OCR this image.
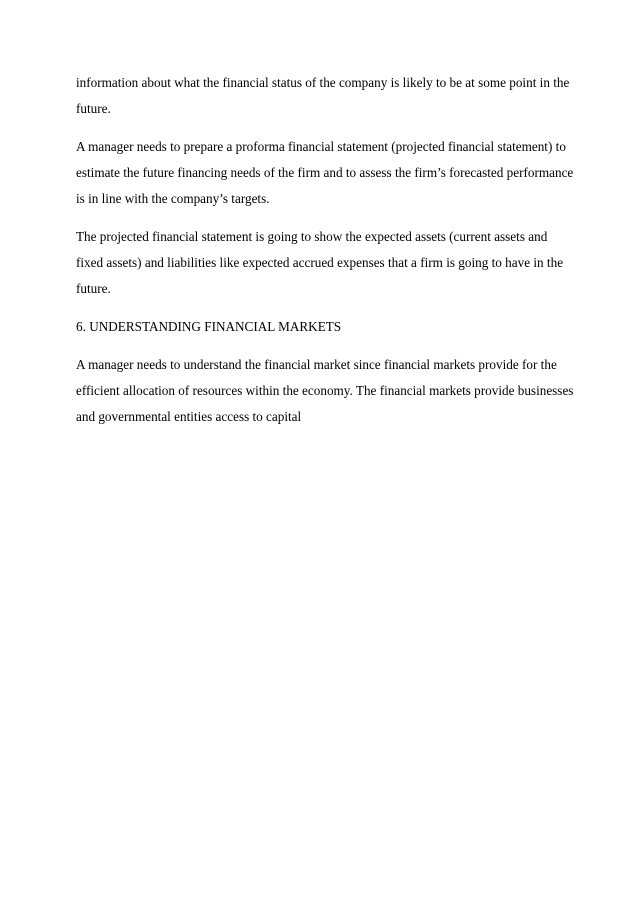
information about what the financial status of the company is likely to be at some point in the
future.
A manager needs to prepare a proforma financial statement (projected financial statement) to
estimate the future financing needs of the firm and to assess the firm’s forecasted performance
is in line with the company’s targets.
The projected financial statement is going to show the expected assets (current assets and
fixed assets) and liabilities like expected accrued expenses that a firm is going to have in the
future.
6. UNDERSTANDING FINANCIAL MARKETS
A manager needs to understand the financial market since financial markets provide for the
efficient allocation of resources within the economy. The financial markets provide businesses
and governmental entities access to capital
